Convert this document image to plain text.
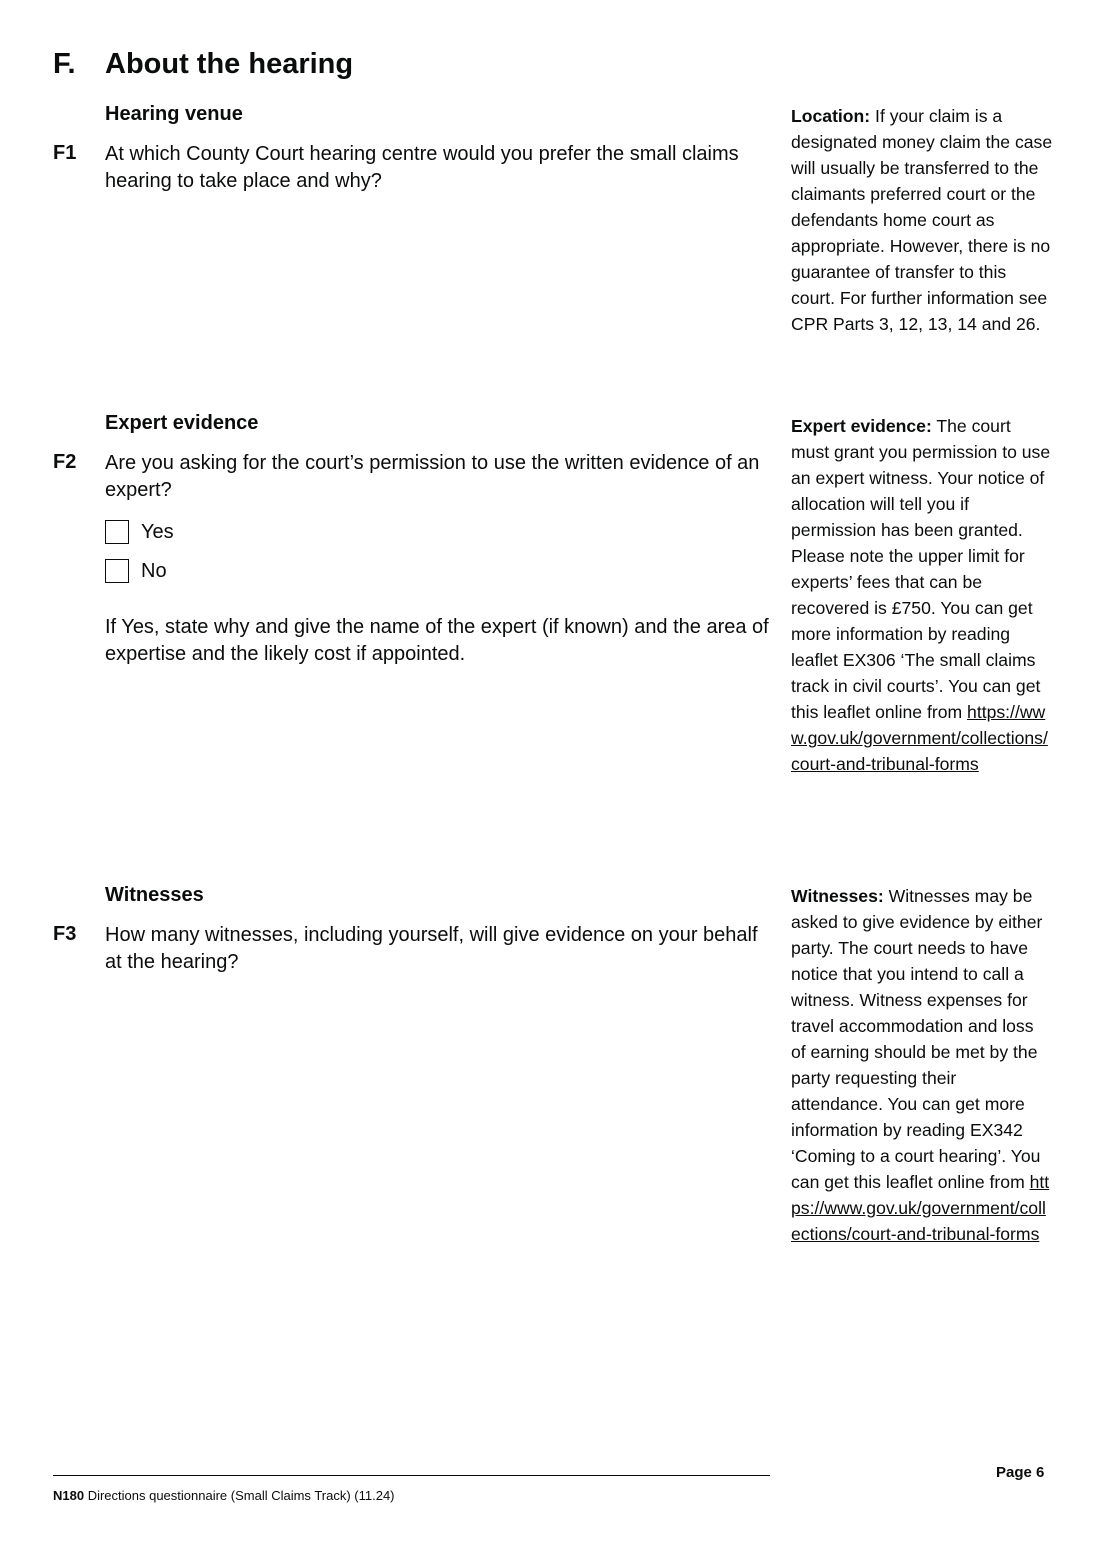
F. About the hearing
Hearing venue
F1 At which County Court hearing centre would you prefer the small claims hearing to take place and why?
Location: If your claim is a designated money claim the case will usually be transferred to the claimants preferred court or the defendants home court as appropriate. However, there is no guarantee of transfer to this court. For further information see CPR Parts 3, 12, 13, 14 and 26.
Expert evidence
F2 Are you asking for the court’s permission to use the written evidence of an expert?
Yes
No
If Yes, state why and give the name of the expert (if known) and the area of expertise and the likely cost if appointed.
Expert evidence: The court must grant you permission to use an expert witness. Your notice of allocation will tell you if permission has been granted. Please note the upper limit for experts’ fees that can be recovered is £750. You can get more information by reading leaflet EX306 ‘The small claims track in civil courts’. You can get this leaflet online from https://www.gov.uk/government/collections/court-and-tribunal-forms
Witnesses
F3 How many witnesses, including yourself, will give evidence on your behalf at the hearing?
Witnesses: Witnesses may be asked to give evidence by either party. The court needs to have notice that you intend to call a witness. Witness expenses for travel accommodation and loss of earning should be met by the party requesting their attendance. You can get more information by reading EX342 ‘Coming to a court hearing’. You can get this leaflet online from https://www.gov.uk/government/collections/court-and-tribunal-forms
N180 Directions questionnaire (Small Claims Track) (11.24)
Page 6
